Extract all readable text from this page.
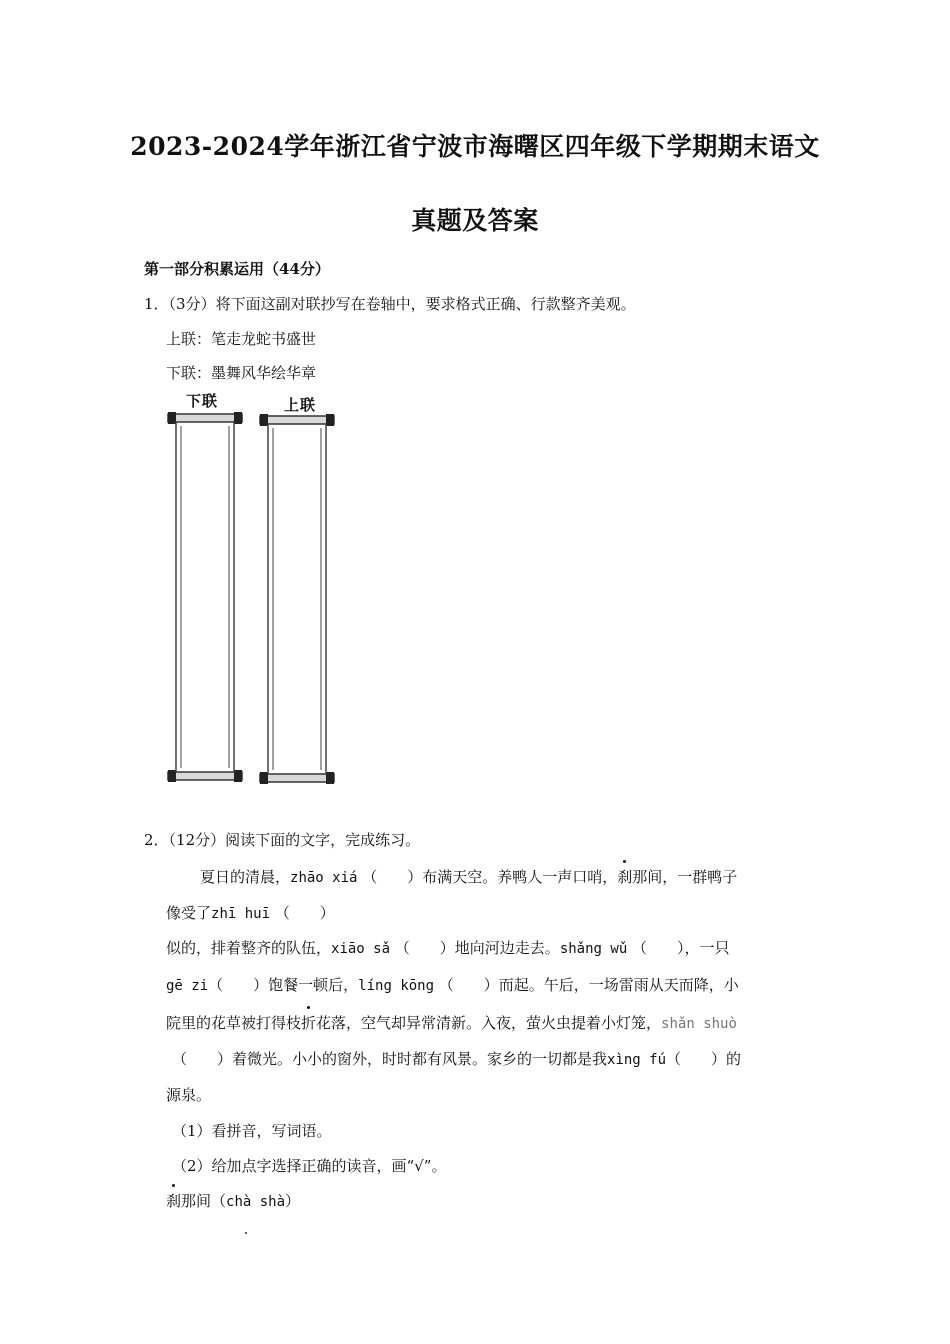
2023-2024学年浙江省宁波市海曙区四年级下学期期末语文
真题及答案
第一部分积累运用（44分）
1．（3分）将下面这副对联抄写在卷轴中，要求格式正确、行款整齐美观。
上联：笔走龙蛇书盛世
下联：墨舞风华绘华章
下联	上联
2．（12分）阅读下面的文字，完成练习。
夏日的清晨，zhāo xiá （　　）布满天空。养鸭人一声口哨，刹那间，一群鸭子
像受了zhī huī （　　）
似的，排着整齐的队伍，xiāo sǎ （　　）地向河边走去。shǎng wǔ （　　），一只
gē zi（　　）饱餐一顿后，líng kōng （　　）而起。午后，一场雷雨从天而降，小
院里的花草被打得枝折花落，空气却异常清新。入夜，萤火虫提着小灯笼，shǎn shuò
（　　）着微光。小小的窗外，时时都有风景。家乡的一切都是我xìng fú（　　）的
源泉。
（1）看拼音，写词语。
（2）给加点字选择正确的读音，画“√”。
刹那间（chà shà）
